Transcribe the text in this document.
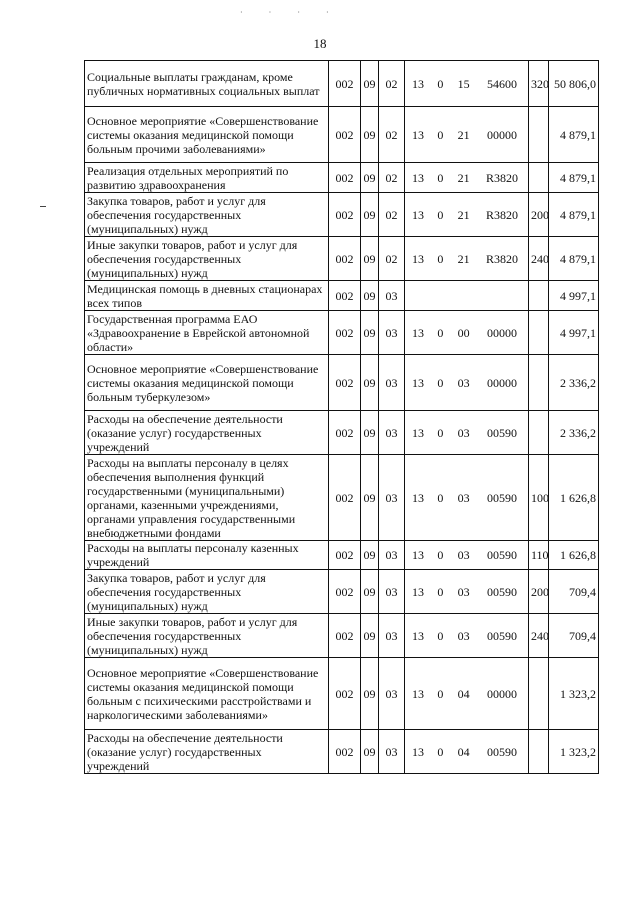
· · · ·
18
Социальные выплаты гражданам, кроме публичных нормативных социальных выплат	002	09	02	13 0 15 54600	320	50 806,0
Основное мероприятие «Совершенствование системы оказания медицинской помощи больным прочими заболеваниями»	002	09	02	13 0 21 00000		4 879,1
Реализация отдельных мероприятий по развитию здравоохранения	002	09	02	13 0 21 R3820		4 879,1
Закупка товаров, работ и услуг для обеспечения государственных (муниципальных) нужд	002	09	02	13 0 21 R3820	200	4 879,1
Иные закупки товаров, работ и услуг для обеспечения государственных (муниципальных) нужд	002	09	02	13 0 21 R3820	240	4 879,1
Медицинская помощь в дневных стационарах всех типов	002	09	03			4 997,1
Государственная программа ЕАО «Здравоохранение в Еврейской автономной области»	002	09	03	13 0 00 00000		4 997,1
Основное мероприятие «Совершенствование системы оказания медицинской помощи больным туберкулезом»	002	09	03	13 0 03 00000		2 336,2
Расходы на обеспечение деятельности (оказание услуг) государственных учреждений	002	09	03	13 0 03 00590		2 336,2
Расходы на выплаты персоналу в целях обеспечения выполнения функций государственными (муниципальными) органами, казенными учреждениями, органами управления государственными внебюджетными фондами	002	09	03	13 0 03 00590	100	1 626,8
Расходы на выплаты персоналу казенных учреждений	002	09	03	13 0 03 00590	110	1 626,8
Закупка товаров, работ и услуг для обеспечения государственных (муниципальных) нужд	002	09	03	13 0 03 00590	200	709,4
Иные закупки товаров, работ и услуг для обеспечения государственных (муниципальных) нужд	002	09	03	13 0 03 00590	240	709,4
Основное мероприятие «Совершенствование системы оказания медицинской помощи больным с психическими расстройствами и наркологическими заболеваниями»	002	09	03	13 0 04 00000		1 323,2
Расходы на обеспечение деятельности (оказание услуг) государственных учреждений	002	09	03	13 0 04 00590		1 323,2
